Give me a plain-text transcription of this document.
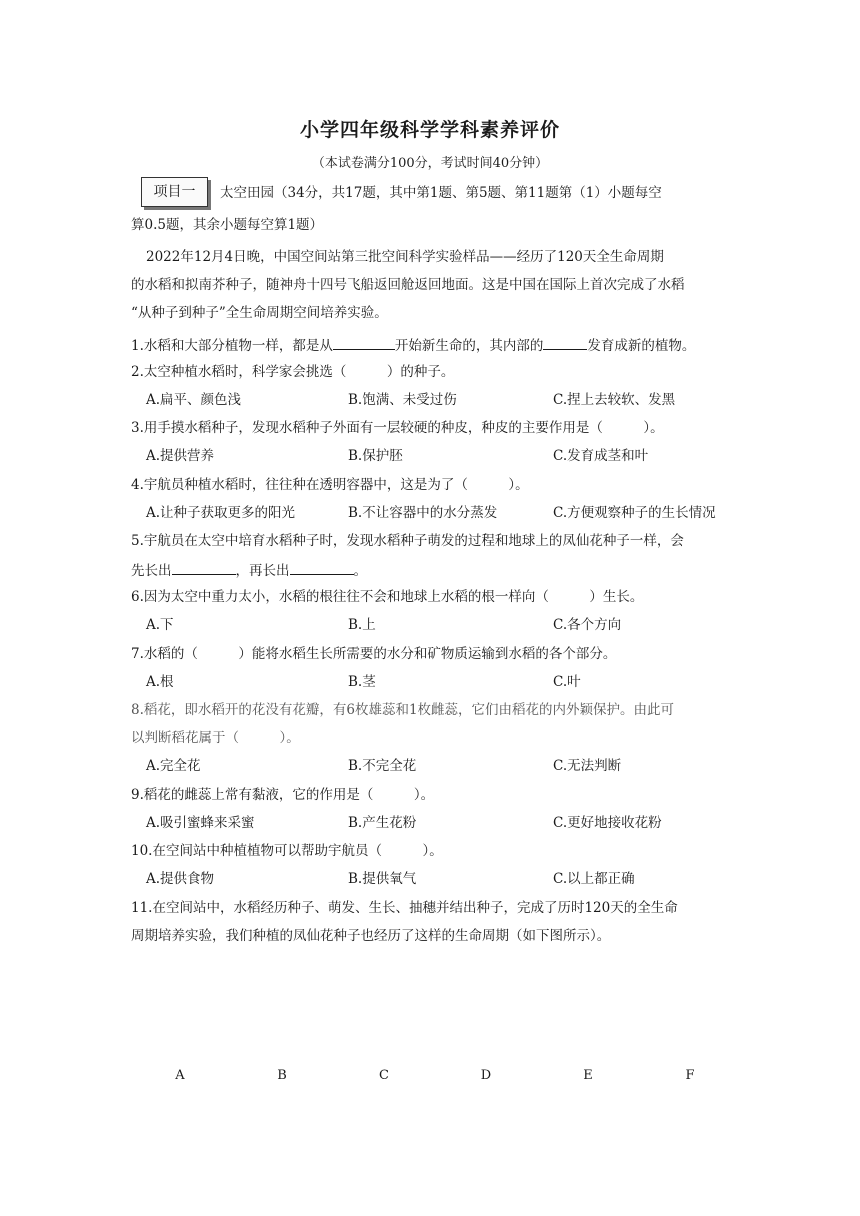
小学四年级科学学科素养评价
（本试卷满分100分，考试时间40分钟）
项目一	太空田园（34分，共17题，其中第1题、第5题、第11题第（1）小题每空
算0.5题，其余小题每空算1题）
2022年12月4日晚，中国空间站第三批空间科学实验样品——经历了120天全生命周期
的水稻和拟南芥种子，随神舟十四号飞船返回舱返回地面。这是中国在国际上首次完成了水稻
“从种子到种子”全生命周期空间培养实验。
1.水稻和大部分植物一样，都是从	开始新生命的，其内部的	发育成新的植物。
2.太空种植水稻时，科学家会挑选（　　　）的种子。
A.扁平、颜色浅	B.饱满、未受过伤	C.捏上去较软、发黑
3.用手摸水稻种子，发现水稻种子外面有一层较硬的种皮，种皮的主要作用是（　　　）。
A.提供营养	B.保护胚	C.发育成茎和叶
4.宇航员种植水稻时，往往种在透明容器中，这是为了（　　　）。
A.让种子获取更多的阳光	B.不让容器中的水分蒸发	C.方便观察种子的生长情况
5.宇航员在太空中培育水稻种子时，发现水稻种子萌发的过程和地球上的凤仙花种子一样，会
先长出	，再长出	。
6.因为太空中重力太小，水稻的根往往不会和地球上水稻的根一样向（　　　）生长。
A.下	B.上	C.各个方向
7.水稻的（　　　）能将水稻生长所需要的水分和矿物质运输到水稻的各个部分。
A.根	B.茎	C.叶
8.稻花，即水稻开的花没有花瓣，有6枚雄蕊和1枚雌蕊，它们由稻花的内外颖保护。由此可
以判断稻花属于（　　　）。
A.完全花	B.不完全花	C.无法判断
9.稻花的雌蕊上常有黏液，它的作用是（　　　）。
A.吸引蜜蜂来采蜜	B.产生花粉	C.更好地接收花粉
10.在空间站中种植植物可以帮助宇航员（　　　）。
A.提供食物	B.提供氧气	C.以上都正确
11.在空间站中，水稻经历种子、萌发、生长、抽穗并结出种子，完成了历时120天的全生命
周期培养实验，我们种植的凤仙花种子也经历了这样的生命周期（如下图所示）。
A	B	C	D	E	F
